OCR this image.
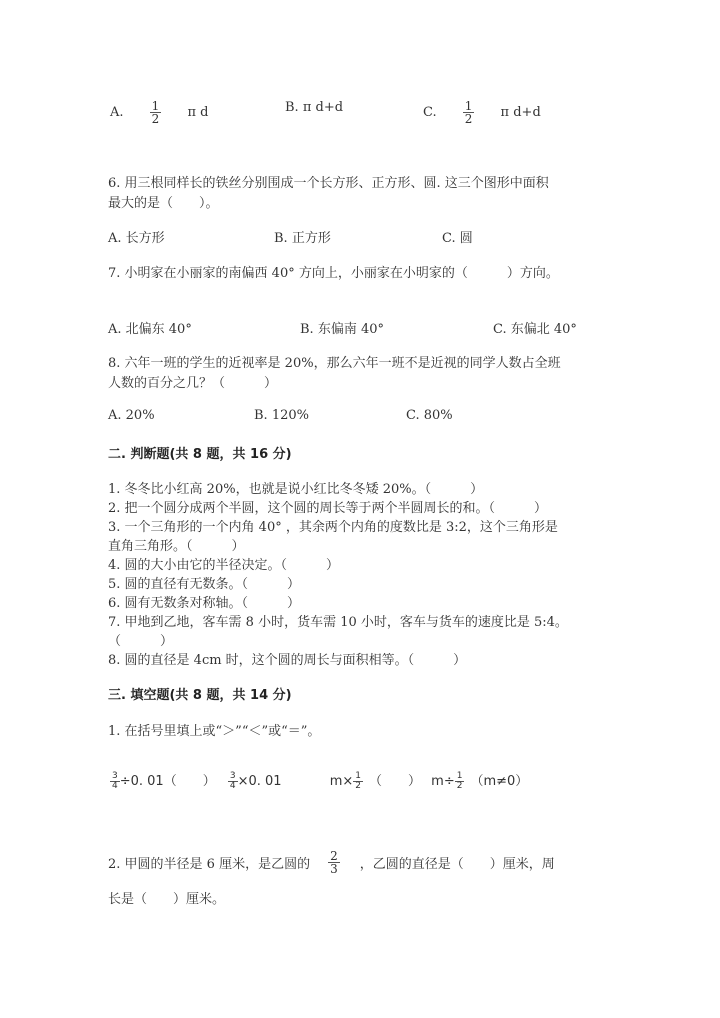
A. $\frac{1}{2}$ π d	B. π d+d	C. $\frac{1}{2}$ π d+d
6. 用三根同样长的铁丝分别围成一个长方形、正方形、圆. 这三个图形中面积
最大的是（　　）。
A. 长方形	B. 正方形	C. 圆
7. 小明家在小丽家的南偏西 40° 方向上，小丽家在小明家的（　　　）方向。
A. 北偏东 40°	B. 东偏南 40°	C. 东偏北 40°
8. 六年一班的学生的近视率是 20%，那么六年一班不是近视的同学人数占全班
人数的百分之几？（　　　）
A. 20%	B. 120%	C. 80%
二. 判断题(共 8 题，共 16 分)
1. 冬冬比小红高 20%，也就是说小红比冬冬矮 20%。（　　　）
2. 把一个圆分成两个半圆，这个圆的周长等于两个半圆周长的和。（　　　）
3. 一个三角形的一个内角 40° ，其余两个内角的度数比是 3:2，这个三角形是
直角三角形。（　　　）
4. 圆的大小由它的半径决定。（　　　）
5. 圆的直径有无数条。（　　　）
6. 圆有无数条对称轴。（　　　）
7. 甲地到乙地，客车需 8 小时，货车需 10 小时，客车与货车的速度比是 5:4。
（　　　）
8. 圆的直径是 4cm 时，这个圆的周长与面积相等。（　　　）
三. 填空题(共 8 题，共 14 分)
1. 在括号里填上或“＞”“＜”或“＝”。
$\frac{3}{4} \div 0$. 01（　　） $\frac{3}{4} \times 0$. 01	$m\times \frac{1}{2}$ （　　） $m\div \frac{1}{2} (m\ne 0)$
2. 甲圆的半径是 6 厘米，是乙圆的 $\frac{2}{3}$ ，乙圆的直径是（　　）厘米，周
长是（　　）厘米。
